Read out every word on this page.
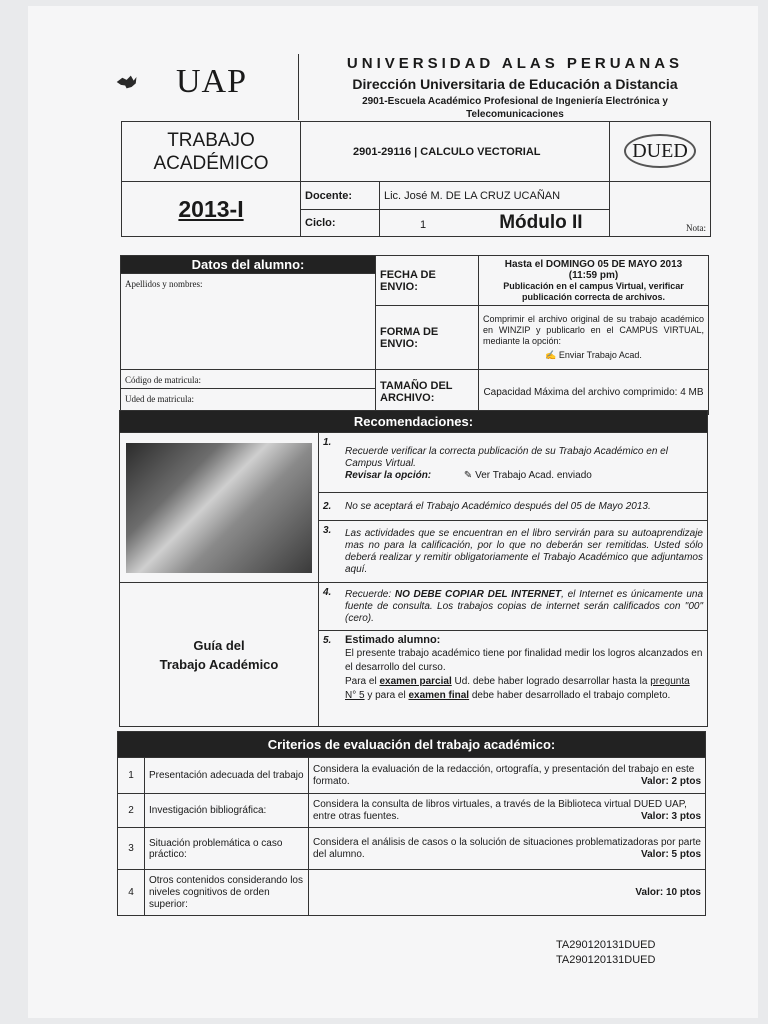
UAP	UNIVERSIDAD ALAS PERUANAS
Dirección Universitaria de Educación a Distancia
2901-Escuela Académico Profesional de Ingeniería Electrónica y Telecomunicaciones
TRABAJO
ACADÉMICO	2901-29116 | CALCULO VECTORIAL		DUED
2013-I	Docente:	Lic. José M. DE LA CRUZ UCAÑAN	Nota:
	Ciclo:	1 Módulo II	
Datos del alumno:	FECHA DE ENVIO:	Hasta el DOMINGO 05 DE MAYO 2013
(11:59 pm)
Publicación en el campus Virtual, verificar publicación correcta de archivos.

Apellidos y nombres:		
	FORMA DE ENVIO:	Comprimir el archivo original de su trabajo académico en WINZIP y publicarlo en el CAMPUS VIRTUAL, mediante la opción:
✍ Enviar Trabajo Acad.

Código de matricula:	TAMAÑO DEL ARCHIVO:	Capacidad Máxima del archivo comprimido: 4 MB
Uded de matricula:		
Recomendaciones:		

	1.	Recuerde verificar la correcta publicación de su Trabajo Académico en el Campus Virtual.
Revisar la opción: ✎ Ver Trabajo Acad. enviado

	2.	No se aceptará el Trabajo Académico después del 05 de Mayo 2013.
	3.	Las actividades que se encuentran en el libro servirán para su autoaprendizaje mas no para la calificación, por lo que no deberán ser remitidas. Usted sólo deberá realizar y remitir obligatoriamente el Trabajo Académico que adjuntamos aquí.

Guía del
Trabajo Académico	4.	Recuerde: NO DEBE COPIAR DEL INTERNET, el Internet es únicamente una fuente de consulta. Los trabajos copias de internet serán calificados con "00" (cero).
	5.	Estimado alumno:
El presente trabajo académico tiene por finalidad medir los logros alcanzados en el desarrollo del curso.
Para el examen parcial Ud. debe haber logrado desarrollar hasta la pregunta N° 5 y para el examen final debe haber desarrollado el trabajo completo.
Criterios de evaluación del trabajo académico:		
1	Presentación adecuada del trabajo	Considera la evaluación de la redacción, ortografía, y presentación del trabajo en este formato. Valor: 2 ptos

2	Investigación bibliográfica:	Considera la consulta de libros virtuales, a través de la Biblioteca virtual DUED UAP, entre otras fuentes. Valor: 3 ptos

3	Situación problemática o caso práctico:	Considera el análisis de casos o la solución de situaciones problematizadoras por parte del alumno. Valor: 5 ptos

4	Otros contenidos considerando los niveles cognitivos de orden superior:	Valor: 10 ptos
TA290120131DUED
TA290120131DUED
